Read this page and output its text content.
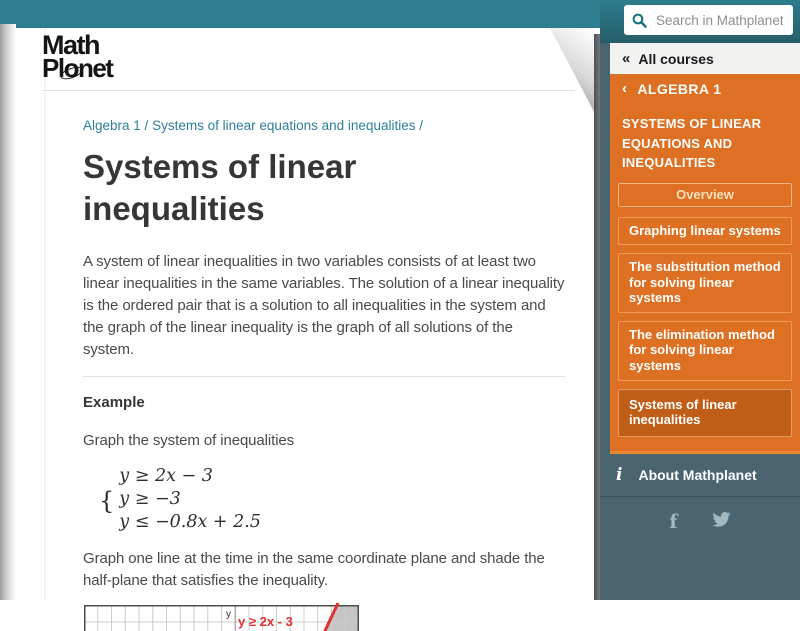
Math
Plonet
Algebra 1 / Systems of linear equations and inequalities /
Systems of linear inequalities

A system of linear inequalities in two variables consists of at least two linear inequalities in the same variables. The solution of a linear inequality is the ordered pair that is a solution to all inequalities in the system and the graph of the linear inequality is the graph of all solutions of the system.

Example

Graph the system of inequalities

{
y ≥ 2x − 3
y ≥ −3
y ≤ −0.8x + 2.5

Graph one line at the time in the same coordinate plane and shade the half-plane that satisfies the inequality.

y y ≥ 2x - 3
Search in Mathplanet
« All courses
‹ ALGEBRA 1
SYSTEMS OF LINEAR EQUATIONS AND INEQUALITIES
Overview
Graphing linear systems
The substitution method for solving linear systems
The elimination method for solving linear systems
Systems of linear inequalities
i About Mathplanet
f
